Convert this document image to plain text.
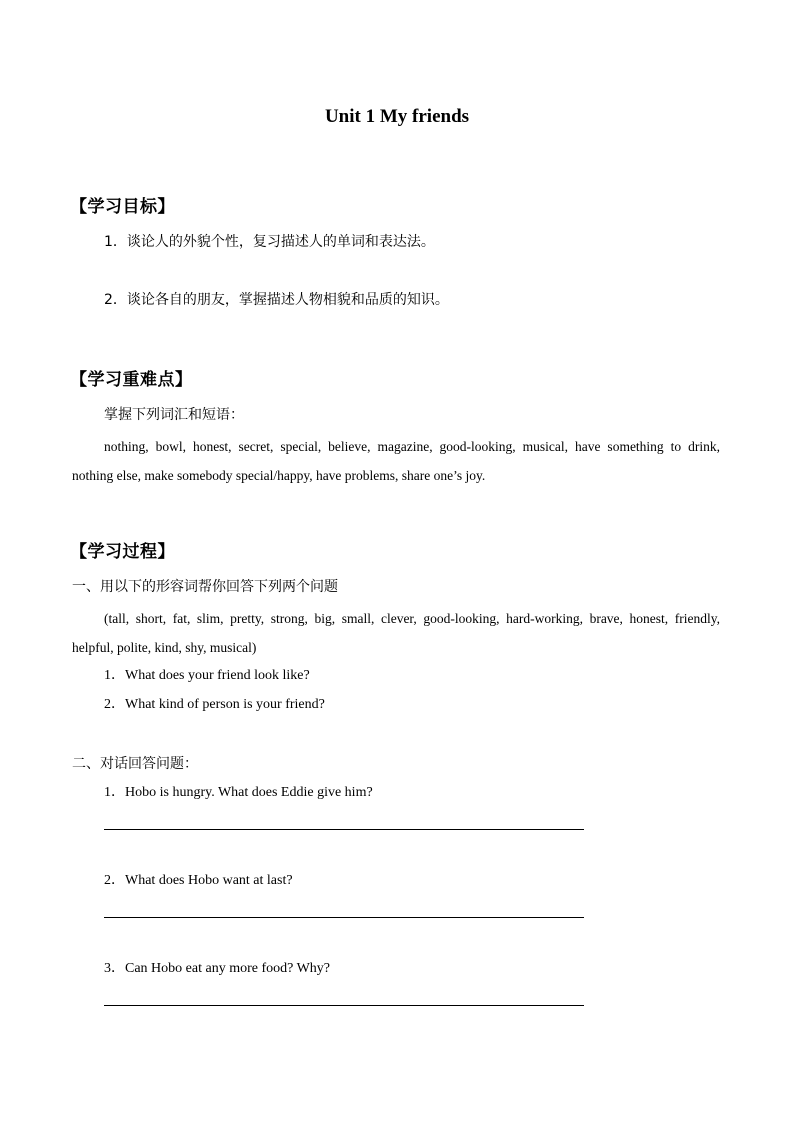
Unit 1 My friends
【学习目标】
1．谈论人的外貌个性，复习描述人的单词和表达法。
2．谈论各自的朋友，掌握描述人物相貌和品质的知识。
【学习重难点】
掌握下列词汇和短语：
nothing, bowl, honest, secret, special, believe, magazine, good-looking, musical, have something to drink, nothing else, make somebody special/happy, have problems, share one’s joy.
【学习过程】
一、用以下的形容词帮你回答下列两个问题
(tall, short, fat, slim, pretty, strong, big, small, clever, good-looking, hard-working, brave, honest, friendly, helpful, polite, kind, shy, musical)
1．What does your friend look like?
2．What kind of person is your friend?
二、对话回答问题：
1．Hobo is hungry. What does Eddie give him?
2．What does Hobo want at last?
3．Can Hobo eat any more food? Why?
